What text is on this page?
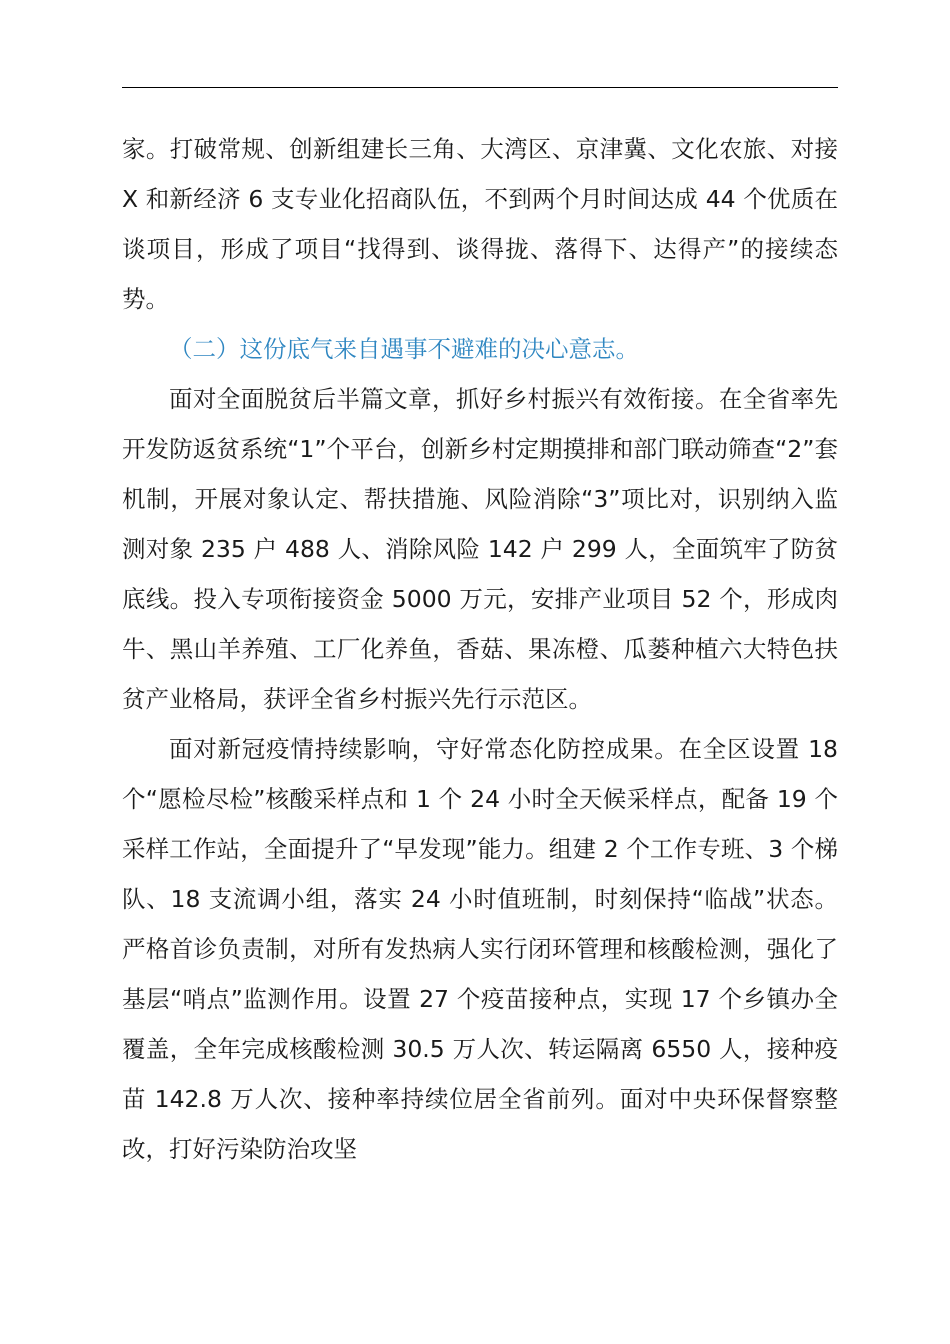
家。打破常规、创新组建长三角、大湾区、京津冀、文化农旅、对接 X 和新经济 6 支专业化招商队伍，不到两个月时间达成 44 个优质在谈项目，形成了项目“找得到、谈得拢、落得下、达得产”的接续态势。

（二）这份底气来自遇事不避难的决心意志。

面对全面脱贫后半篇文章，抓好乡村振兴有效衔接。在全省率先开发防返贫系统“1”个平台，创新乡村定期摸排和部门联动筛查“2”套机制，开展对象认定、帮扶措施、风险消除“3”项比对，识别纳入监测对象 235 户 488 人、消除风险 142 户 299 人，全面筑牢了防贫底线。投入专项衔接资金 5000 万元，安排产业项目 52 个，形成肉牛、黑山羊养殖、工厂化养鱼，香菇、果冻橙、瓜蒌种植六大特色扶贫产业格局，获评全省乡村振兴先行示范区。

面对新冠疫情持续影响，守好常态化防控成果。在全区设置 18 个“愿检尽检”核酸采样点和 1 个 24 小时全天候采样点，配备 19 个采样工作站，全面提升了“早发现”能力。组建 2 个工作专班、3 个梯队、18 支流调小组，落实 24 小时值班制，时刻保持“临战”状态。严格首诊负责制，对所有发热病人实行闭环管理和核酸检测，强化了基层“哨点”监测作用。设置 27 个疫苗接种点，实现 17 个乡镇办全覆盖，全年完成核酸检测 30.5 万人次、转运隔离 6550 人，接种疫苗 142.8 万人次、接种率持续位居全省前列。面对中央环保督察整改，打好污染防治攻坚
